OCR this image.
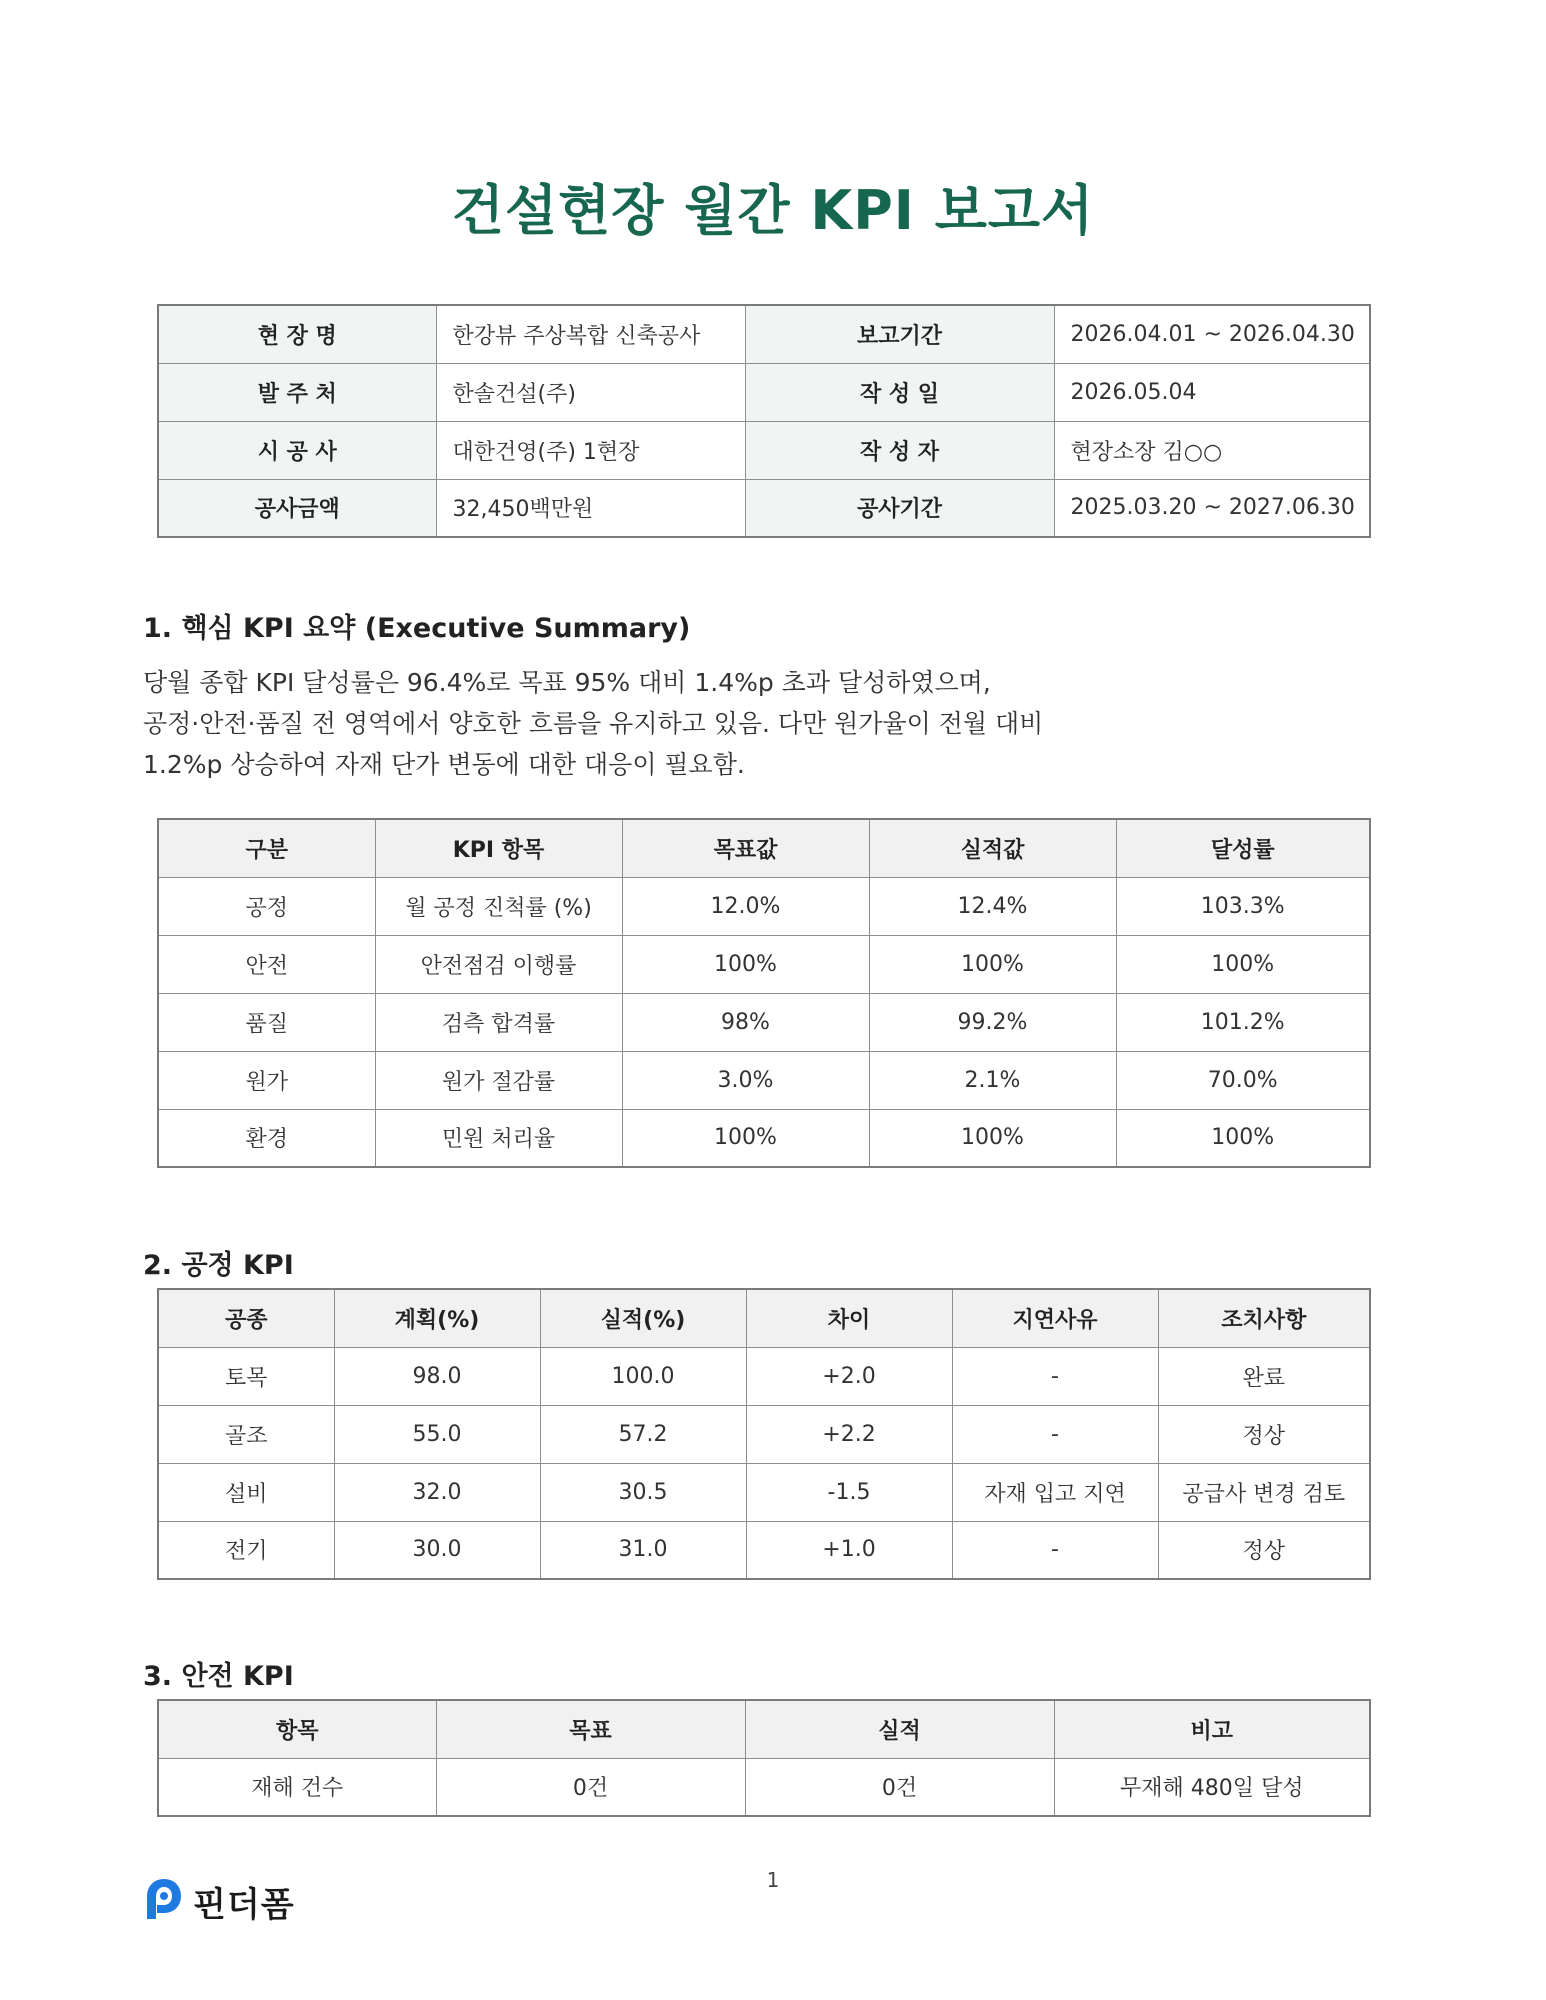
건설현장 월간 KPI 보고서
현 장 명	한강뷰 주상복합 신축공사	보고기간	2026.04.01 ~ 2026.04.30
발 주 처	한솔건설(주)	작 성 일	2026.05.04
시 공 사	대한건영(주) 1현장	작 성 자	현장소장 김○○
공사금액	32,450백만원	공사기간	2025.03.20 ~ 2027.06.30
1. 핵심 KPI 요약 (Executive Summary)

당월 종합 KPI 달성률은 96.4%로 목표 95% 대비 1.4%p 초과 달성하였으며,

공정·안전·품질 전 영역에서 양호한 흐름을 유지하고 있음. 다만 원가율이 전월 대비

1.2%p 상승하여 자재 단가 변동에 대한 대응이 필요함.

구분	KPI 항목	목표값	실적값	달성률
공정	월 공정 진척률 (%)	12.0%	12.4%	103.3%
안전	안전점검 이행률	100%	100%	100%
품질	검측 합격률	98%	99.2%	101.2%
원가	원가 절감률	3.0%	2.1%	70.0%
환경	민원 처리율	100%	100%	100%
2. 공정 KPI
공종	계획(%)	실적(%)	차이	지연사유	조치사항
토목	98.0	100.0	+2.0	-	완료
골조	55.0	57.2	+2.2	-	정상
설비	32.0	30.5	-1.5	자재 입고 지연	공급사 변경 검토
전기	30.0	31.0	+1.0	-	정상
3. 안전 KPI
항목	목표	실적	비고
재해 건수	0건	0건	무재해 480일 달성
1
핀더폼
